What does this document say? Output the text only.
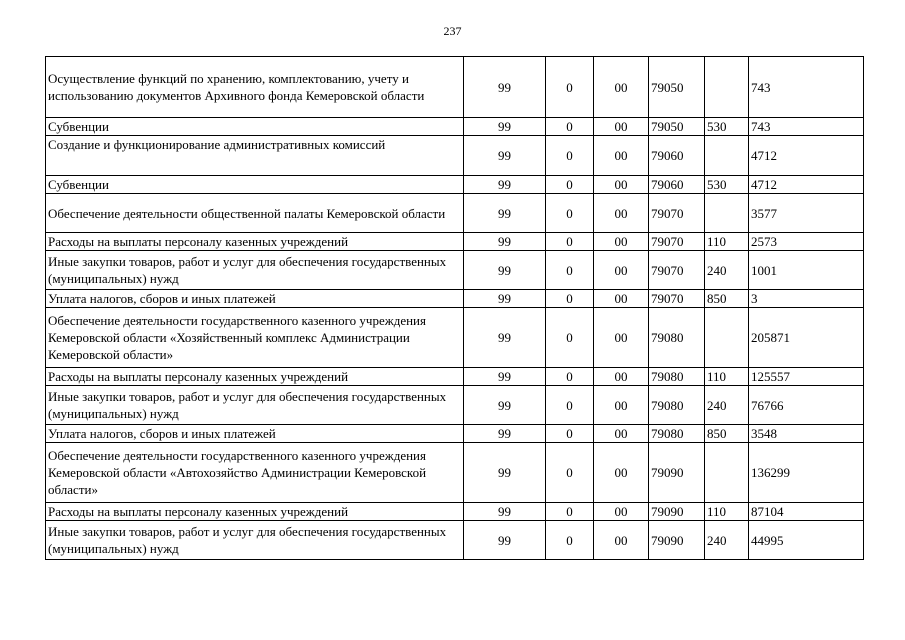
237
Осуществление функций по хранению, комплектованию, учету и использованию документов Архивного фонда Кемеровской области	99	0	00	79050		743
Субвенции	99	0	00	79050	530	743
Создание и функционирование административных комиссий	99	0	00	79060		4712
Субвенции	99	0	00	79060	530	4712
Обеспечение деятельности общественной палаты Кемеровской области	99	0	00	79070		3577
Расходы на выплаты персоналу казенных учреждений	99	0	00	79070	110	2573
Иные закупки товаров, работ и услуг для обеспечения государственных (муниципальных) нужд	99	0	00	79070	240	1001
Уплата налогов, сборов и иных платежей	99	0	00	79070	850	3
Обеспечение деятельности государственного казенного учреждения Кемеровской области «Хозяйственный комплекс Администрации Кемеровской области»	99	0	00	79080		205871
Расходы на выплаты персоналу казенных учреждений	99	0	00	79080	110	125557
Иные закупки товаров, работ и услуг для обеспечения государственных (муниципальных) нужд	99	0	00	79080	240	76766
Уплата налогов, сборов и иных платежей	99	0	00	79080	850	3548
Обеспечение деятельности государственного казенного учреждения Кемеровской области «Автохозяйство Администрации Кемеровской области»	99	0	00	79090		136299
Расходы на выплаты персоналу казенных учреждений	99	0	00	79090	110	87104
Иные закупки товаров, работ и услуг для обеспечения государственных (муниципальных) нужд	99	0	00	79090	240	44995
